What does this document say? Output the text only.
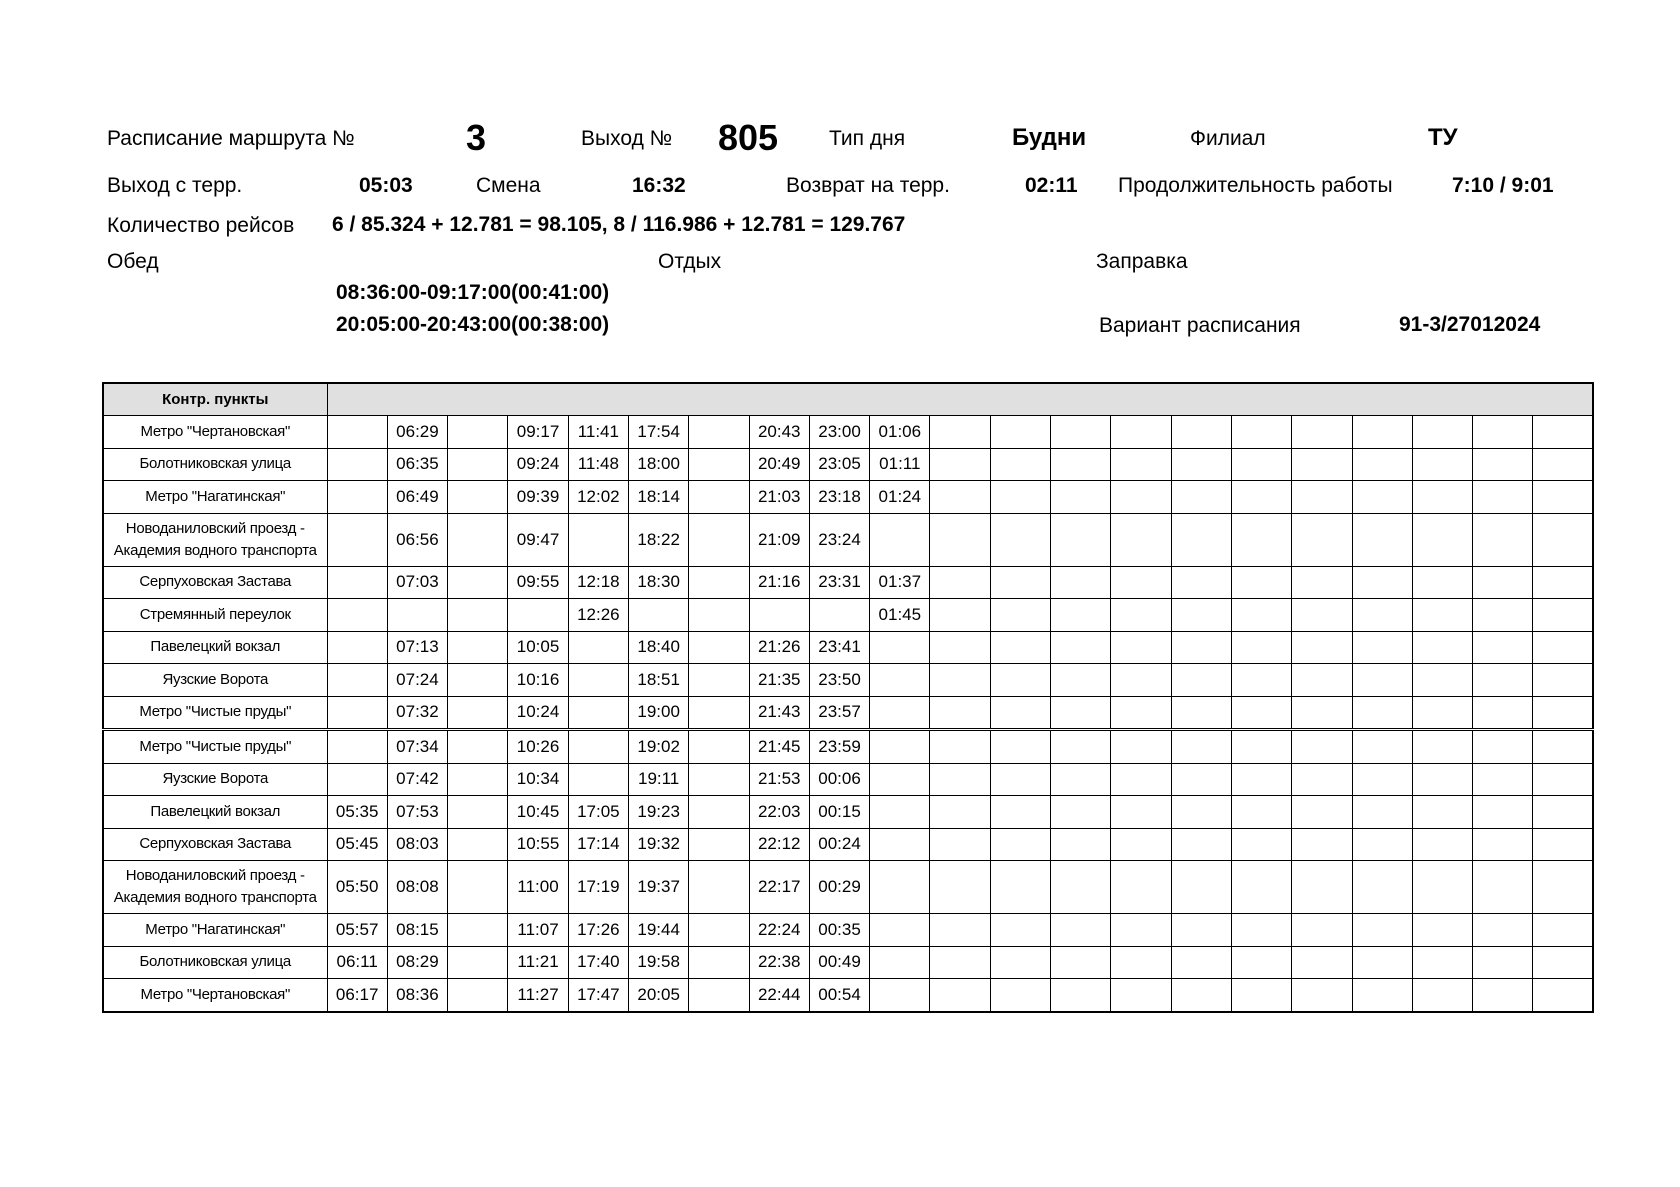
Расписание маршрута №	3	Выход № 805 Тип дня	Будни	Филиал	ТУ
Выход с терр.	05:03	Смена	16:32	Возврат на терр.	02:11 Продолжительность работы	7:10 / 9:01
Количество рейсов 6 / 85.324 + 12.781 = 98.105, 8 / 116.986 + 12.781 = 129.767
Обед	Отдых	Заправка
08:36:00-09:17:00(00:41:00)
20:05:00-20:43:00(00:38:00)	Вариант расписания	91-3/27012024
Контр. пункты																					
Метро "Чертановская"		06:29		09:17	11:41	17:54		20:43	23:00	01:06											
Болотниковская улица		06:35		09:24	11:48	18:00		20:49	23:05	01:11											
Метро "Нагатинская"		06:49		09:39	12:02	18:14		21:03	23:18	01:24											
Новоданиловский проезд - Академия водного транспорта		06:56		09:47		18:22		21:09	23:24												
Серпуховская Застава		07:03		09:55	12:18	18:30		21:16	23:31	01:37											
Стремянный переулок					12:26					01:45											
Павелецкий вокзал		07:13		10:05		18:40		21:26	23:41												
Яузские Ворота		07:24		10:16		18:51		21:35	23:50												
Метро "Чистые пруды"		07:32		10:24		19:00		21:43	23:57												
Метро "Чистые пруды"		07:34		10:26		19:02		21:45	23:59												
Яузские Ворота		07:42		10:34		19:11		21:53	00:06												
Павелецкий вокзал	05:35	07:53		10:45	17:05	19:23		22:03	00:15												
Серпуховская Застава	05:45	08:03		10:55	17:14	19:32		22:12	00:24												
Новоданиловский проезд - Академия водного транспорта	05:50	08:08		11:00	17:19	19:37		22:17	00:29												
Метро "Нагатинская"	05:57	08:15		11:07	17:26	19:44		22:24	00:35												
Болотниковская улица	06:11	08:29		11:21	17:40	19:58		22:38	00:49												
Метро "Чертановская"	06:17	08:36		11:27	17:47	20:05		22:44	00:54												
